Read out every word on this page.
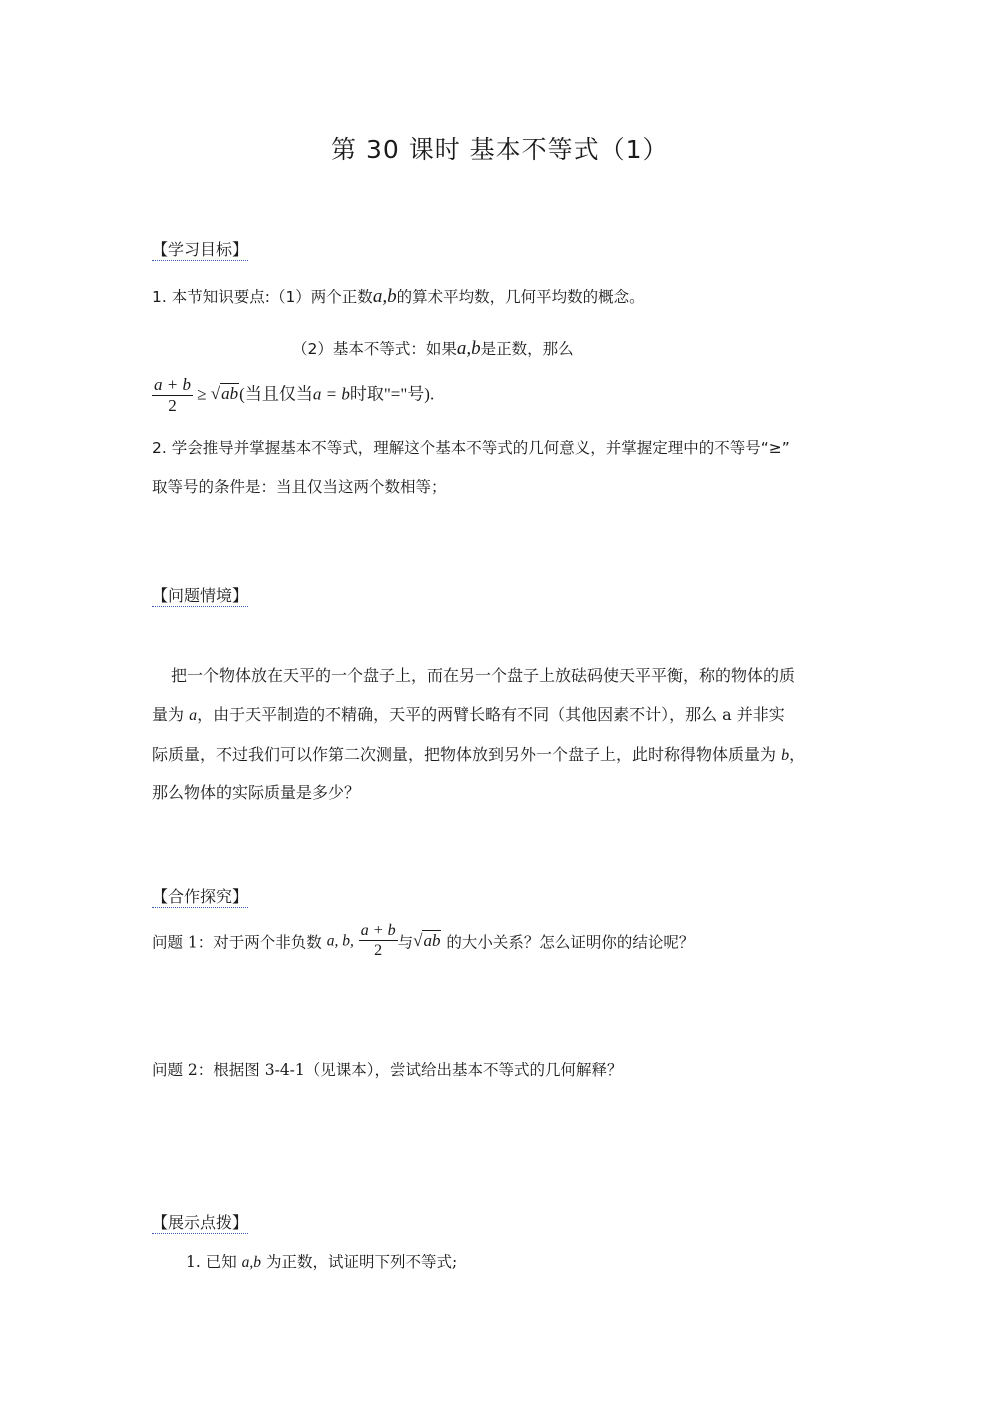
第 30 课时 基本不等式（1）
【学习目标】
1. 本节知识要点:（1）两个正数a,b的算术平均数，几何平均数的概念。
（2）基本不等式：如果a,b是正数，那么
$\frac{a + b}{2} \ge √ab$(当且仅当a = b时取"="号).
2. 学会推导并掌握基本不等式，理解这个基本不等式的几何意义，并掌握定理中的不等号“≥”
取等号的条件是：当且仅当这两个数相等；
【问题情境】
把一个物体放在天平的一个盘子上，而在另一个盘子上放砝码使天平平衡，称的物体的质
量为 a，由于天平制造的不精确，天平的两臂长略有不同（其他因素不计），那么 a 并非实
际质量，不过我们可以作第二次测量，把物体放到另外一个盘子上，此时称得物体质量为 b，
那么物体的实际质量是多少？
【合作探究】
问题 1：对于两个非负数 a, b, $\frac{a + b}{2}$ 与√ab 的大小关系？怎么证明你的结论呢？
问题 2：根据图 3-4-1（见课本），尝试给出基本不等式的几何解释？
【展示点拨】
1. 已知 a,b 为正数，试证明下列不等式;
